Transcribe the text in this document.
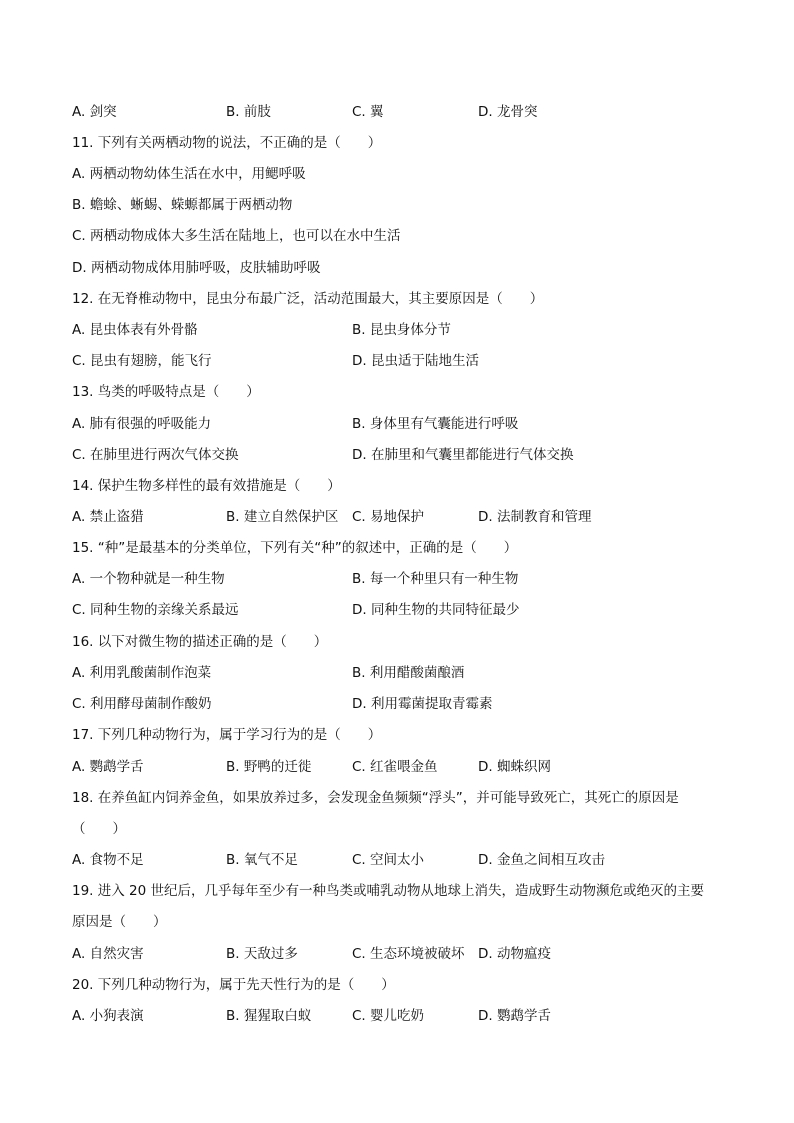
A. 剑突	B. 前肢	C. 翼	D. 龙骨突
11. 下列有关两栖动物的说法，不正确的是（　　）
A. 两栖动物幼体生活在水中，用鳃呼吸
B. 蟾蜍、蜥蜴、蝾螈都属于两栖动物
C. 两栖动物成体大多生活在陆地上，也可以在水中生活
D. 两栖动物成体用肺呼吸，皮肤辅助呼吸
12. 在无脊椎动物中，昆虫分布最广泛，活动范围最大，其主要原因是（　　）
A. 昆虫体表有外骨骼	B. 昆虫身体分节
C. 昆虫有翅膀，能飞行	D. 昆虫适于陆地生活
13. 鸟类的呼吸特点是（　　）
A. 肺有很强的呼吸能力	B. 身体里有气囊能进行呼吸
C. 在肺里进行两次气体交换	D. 在肺里和气囊里都能进行气体交换
14. 保护生物多样性的最有效措施是（　　）
A. 禁止盗猎	B. 建立自然保护区 C. 易地保护	D. 法制教育和管理
15. “种”是最基本的分类单位，下列有关“种”的叙述中，正确的是（　　）
A. 一个物种就是一种生物	B. 每一个种里只有一种生物
C. 同种生物的亲缘关系最远	D. 同种生物的共同特征最少
16. 以下对微生物的描述正确的是（　　）
A. 利用乳酸菌制作泡菜	B. 利用醋酸菌酿酒
C. 利用酵母菌制作酸奶	D. 利用霉菌提取青霉素
17. 下列几种动物行为，属于学习行为的是（　　）
A. 鹦鹉学舌	B. 野鸭的迁徙	C. 红雀喂金鱼	D. 蜘蛛织网
18. 在养鱼缸内饲养金鱼，如果放养过多，会发现金鱼频频“浮头”，并可能导致死亡，其死亡的原因是
（　　）
A. 食物不足	B. 氧气不足	C. 空间太小	D. 金鱼之间相互攻击
19. 进入 20 世纪后，几乎每年至少有一种鸟类或哺乳动物从地球上消失，造成野生动物濒危或绝灭的主要
原因是（　　）
A. 自然灾害	B. 天敌过多	C. 生态环境被破坏 D. 动物瘟疫
20. 下列几种动物行为，属于先天性行为的是（　　）
A. 小狗表演	B. 猩猩取白蚁	C. 婴儿吃奶	D. 鹦鹉学舌
